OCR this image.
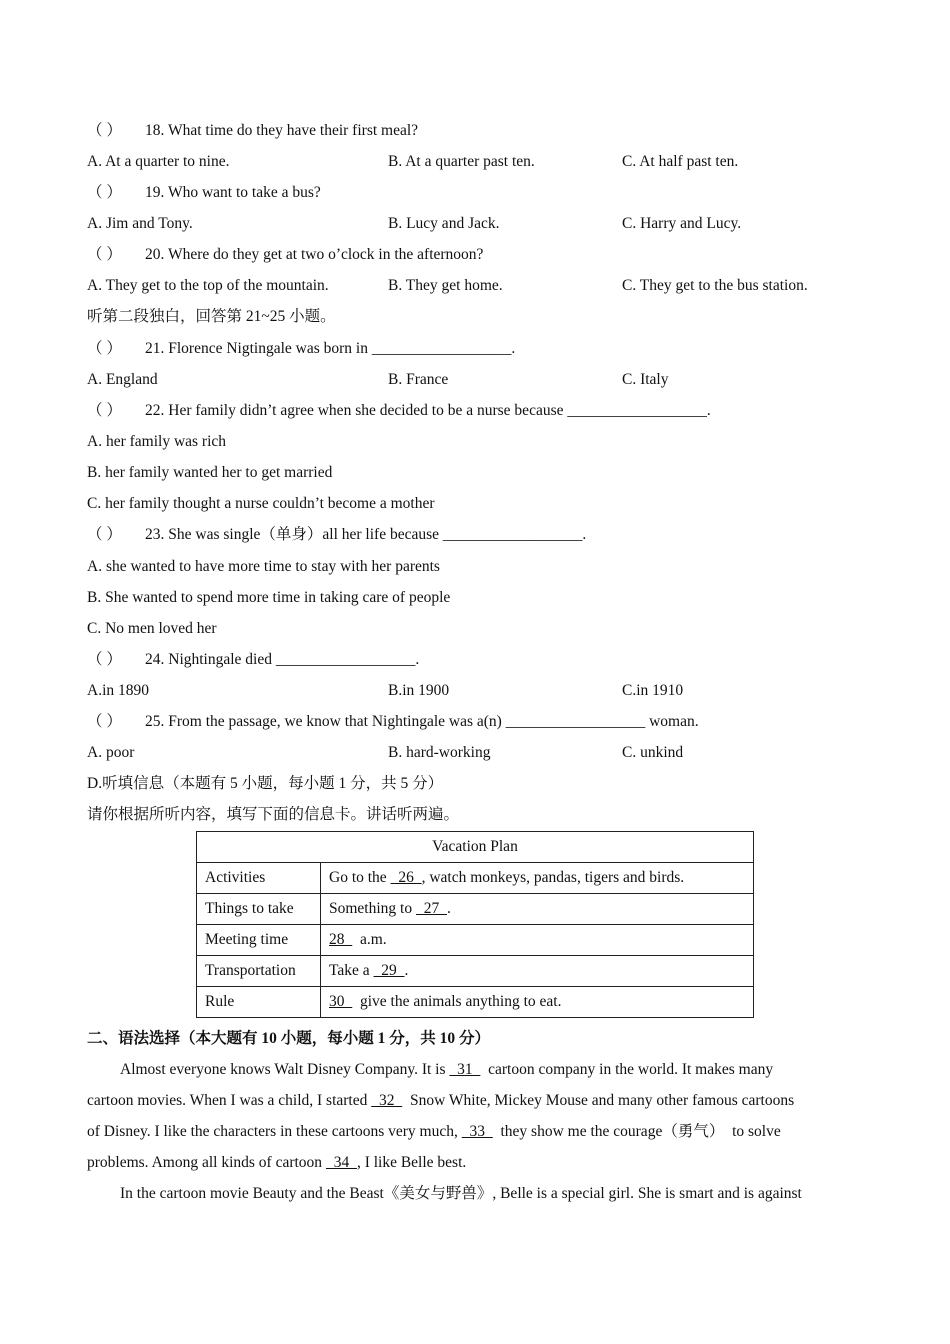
（ ） 18. What time do they have their first meal?
A. At a quarter to nine.	B. At a quarter past ten.	C. At half past ten.
（ ） 19. Who want to take a bus?
A. Jim and Tony.	B. Lucy and Jack.	C. Harry and Lucy.
（ ） 20. Where do they get at two o’clock in the afternoon?
A. They get to the top of the mountain.	B. They get home.	C. They get to the bus station.
听第二段独白，回答第 21~25 小题。
（ ） 21. Florence Nigtingale was born in __________________.
A. England	B. France	C. Italy
（ ） 22. Her family didn’t agree when she decided to be a nurse because __________________.
A. her family was rich
B. her family wanted her to get married
C. her family thought a nurse couldn’t become a mother
（ ） 23. She was single（单身）all her life because __________________.
A. she wanted to have more time to stay with her parents
B. She wanted to spend more time in taking care of people
C. No men loved her
（ ） 24. Nightingale died __________________.
A.in 1890	B.in 1900	C.in 1910
（ ） 25. From the passage, we know that Nightingale was a(n) __________________ woman.
A. poor	B. hard-working	C. unkind
D.听填信息（本题有 5 小题，每小题 1 分，共 5 分）
请你根据所听内容，填写下面的信息卡。讲话听两遍。
Vacation Plan	
Activities	Go to the   26  , watch monkeys, pandas, tigers and birds.
Things to take	Something to   27  .
Meeting time	28    a.m.
Transportation	Take a   29  .
Rule	30    give the animals anything to eat.
二、语法选择（本大题有 10 小题，每小题 1 分，共 10 分）
Almost everyone knows Walt Disney Company. It is   31    cartoon company in the world. It makes many
cartoon movies. When I was a child, I started   32    Snow White, Mickey Mouse and many other famous cartoons
of Disney. I like the characters in these cartoons very much,   33    they show me the courage（勇气）  to solve
problems. Among all kinds of cartoon   34  , I like Belle best.
In the cartoon movie Beauty and the Beast《美女与野兽》, Belle is a special girl. She is smart and is against
